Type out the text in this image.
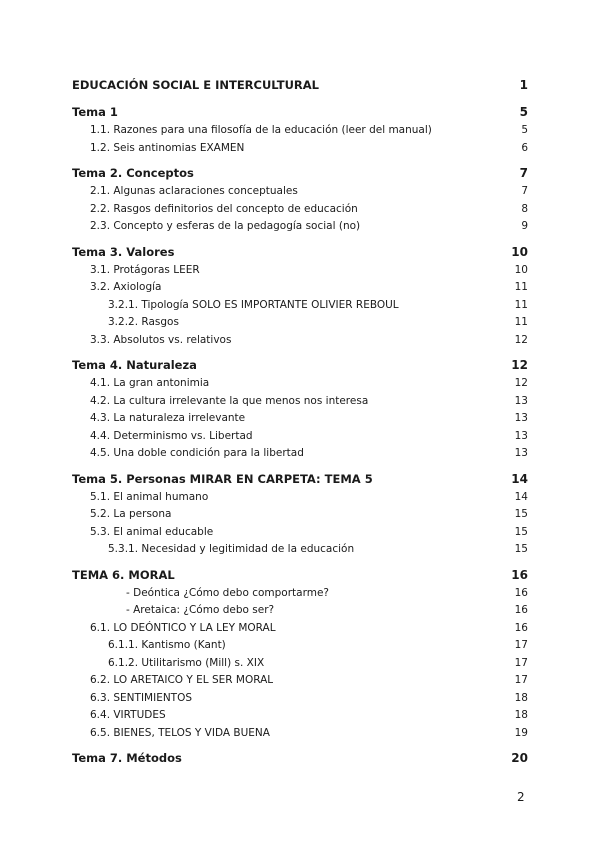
EDUCACIÓN SOCIAL E INTERCULTURAL	1
Tema 1	5
1.1. Razones para una filosofía de la educación (leer del manual)	5
1.2. Seis antinomias EXAMEN	6
Tema 2. Conceptos	7
2.1. Algunas aclaraciones conceptuales	7
2.2. Rasgos definitorios del concepto de educación	8
2.3. Concepto y esferas de la pedagogía social (no)	9
Tema 3. Valores	10
3.1. Protágoras LEER	10
3.2. Axiología	11
3.2.1. Tipología SOLO ES IMPORTANTE OLIVIER REBOUL	11
3.2.2. Rasgos	11
3.3. Absolutos vs. relativos	12
Tema 4. Naturaleza	12
4.1. La gran antonimia	12
4.2. La cultura irrelevante la que menos nos interesa	13
4.3. La naturaleza irrelevante	13
4.4. Determinismo vs. Libertad	13
4.5. Una doble condición para la libertad	13
Tema 5. Personas MIRAR EN CARPETA: TEMA 5	14
5.1. El animal humano	14
5.2. La persona	15
5.3. El animal educable	15
5.3.1. Necesidad y legitimidad de la educación	15
TEMA 6. MORAL	16
- Deóntica ¿Cómo debo comportarme?	16
- Aretaica: ¿Cómo debo ser?	16
6.1. LO DEÓNTICO Y LA LEY MORAL	16
6.1.1. Kantismo (Kant)	17
6.1.2. Utilitarismo (Mill) s. XIX	17
6.2. LO ARETAICO Y EL SER MORAL	17
6.3. SENTIMIENTOS	18
6.4. VIRTUDES	18
6.5. BIENES, TELOS Y VIDA BUENA	19
Tema 7. Métodos	20
2
